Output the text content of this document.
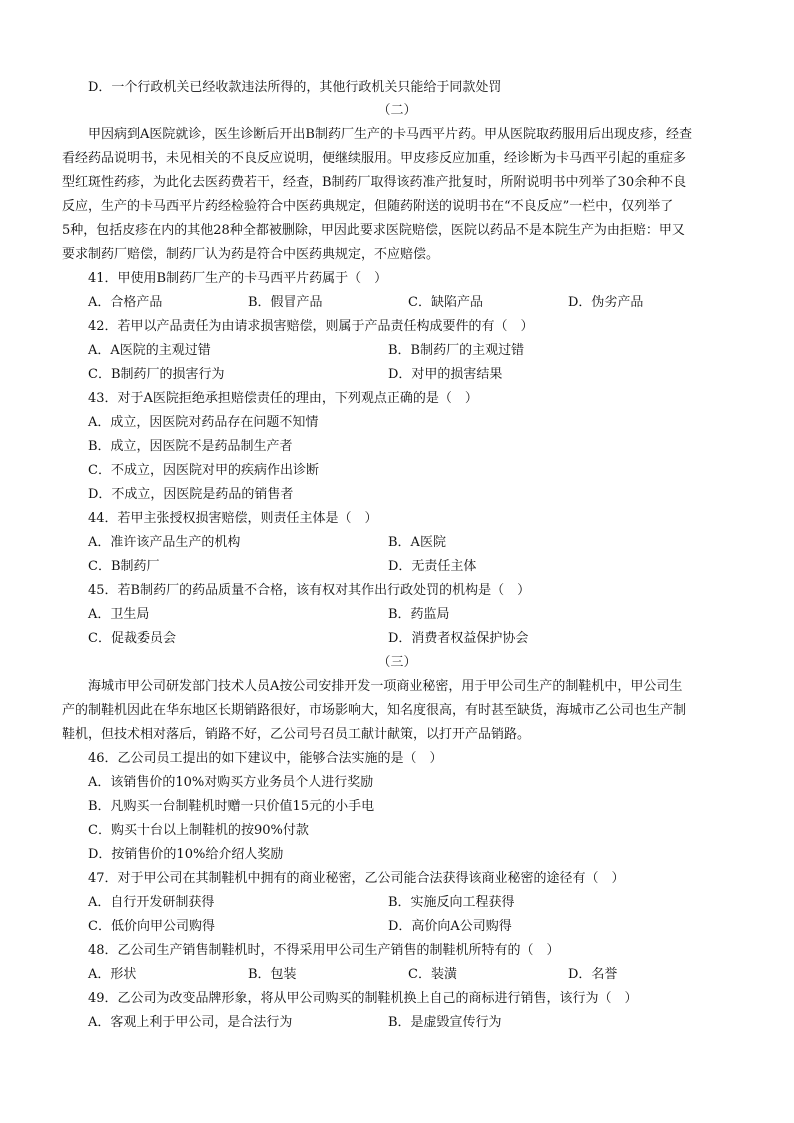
D．一个行政机关已经收款违法所得的，其他行政机关只能给于同款处罚
（二）
甲因病到A医院就诊，医生诊断后开出B制药厂生产的卡马西平片药。甲从医院取药服用后出现皮疹，经查
看经药品说明书，未见相关的不良反应说明，便继续服用。甲皮疹反应加重，经诊断为卡马西平引起的重症多
型红斑性药疹，为此化去医药费若干，经查，B制药厂取得该药准产批复时，所附说明书中列举了30余种不良
反应，生产的卡马西平片药经检验符合中医药典规定，但随药附送的说明书在“不良反应”一栏中，仅列举了
5种，包括皮疹在内的其他28种全都被删除，甲因此要求医院赔偿，医院以药品不是本院生产为由拒赔：甲又
要求制药厂赔偿，制药厂认为药是符合中医药典规定，不应赔偿。
41．甲使用B制药厂生产的卡马西平片药属于（　）
A．合格产品	B．假冒产品	C．缺陷产品	D．伪劣产品
42．若甲以产品责任为由请求损害赔偿，则属于产品责任构成要件的有（　）
A．A医院的主观过错	B．B制药厂的主观过错
C．B制药厂的损害行为	D．对甲的损害结果
43．对于A医院拒绝承担赔偿责任的理由，下列观点正确的是（　）
A．成立，因医院对药品存在问题不知情
B．成立，因医院不是药品制生产者
C．不成立，因医院对甲的疾病作出诊断
D．不成立，因医院是药品的销售者
44．若甲主张授权损害赔偿，则责任主体是（　）
A．准许该产品生产的机构	B．A医院
C．B制药厂	D．无责任主体
45．若B制药厂的药品质量不合格，该有权对其作出行政处罚的机构是（　）
A．卫生局	B．药监局
C．促裁委员会	D．消费者权益保护协会
（三）
海城市甲公司研发部门技术人员A按公司安排开发一项商业秘密，用于甲公司生产的制鞋机中，甲公司生
产的制鞋机因此在华东地区长期销路很好，市场影响大，知名度很高，有时甚至缺货，海城市乙公司也生产制
鞋机，但技术相对落后，销路不好，乙公司号召员工献计献策，以打开产品销路。
46．乙公司员工提出的如下建议中，能够合法实施的是（　）
A．该销售价的10%对购买方业务员个人进行奖励
B．凡购买一台制鞋机时赠一只价值15元的小手电
C．购买十台以上制鞋机的按90%付款
D．按销售价的10%给介绍人奖励
47．对于甲公司在其制鞋机中拥有的商业秘密，乙公司能合法获得该商业秘密的途径有（　）
A．自行开发研制获得	B．实施反向工程获得
C．低价向甲公司购得	D．高价向A公司购得
48．乙公司生产销售制鞋机时，不得采用甲公司生产销售的制鞋机所特有的（　）
A．形状	B．包装	C．装潢	D．名誉
49．乙公司为改变品牌形象，将从甲公司购买的制鞋机换上自己的商标进行销售，该行为（　）
A．客观上利于甲公司，是合法行为	B．是虚毁宣传行为
